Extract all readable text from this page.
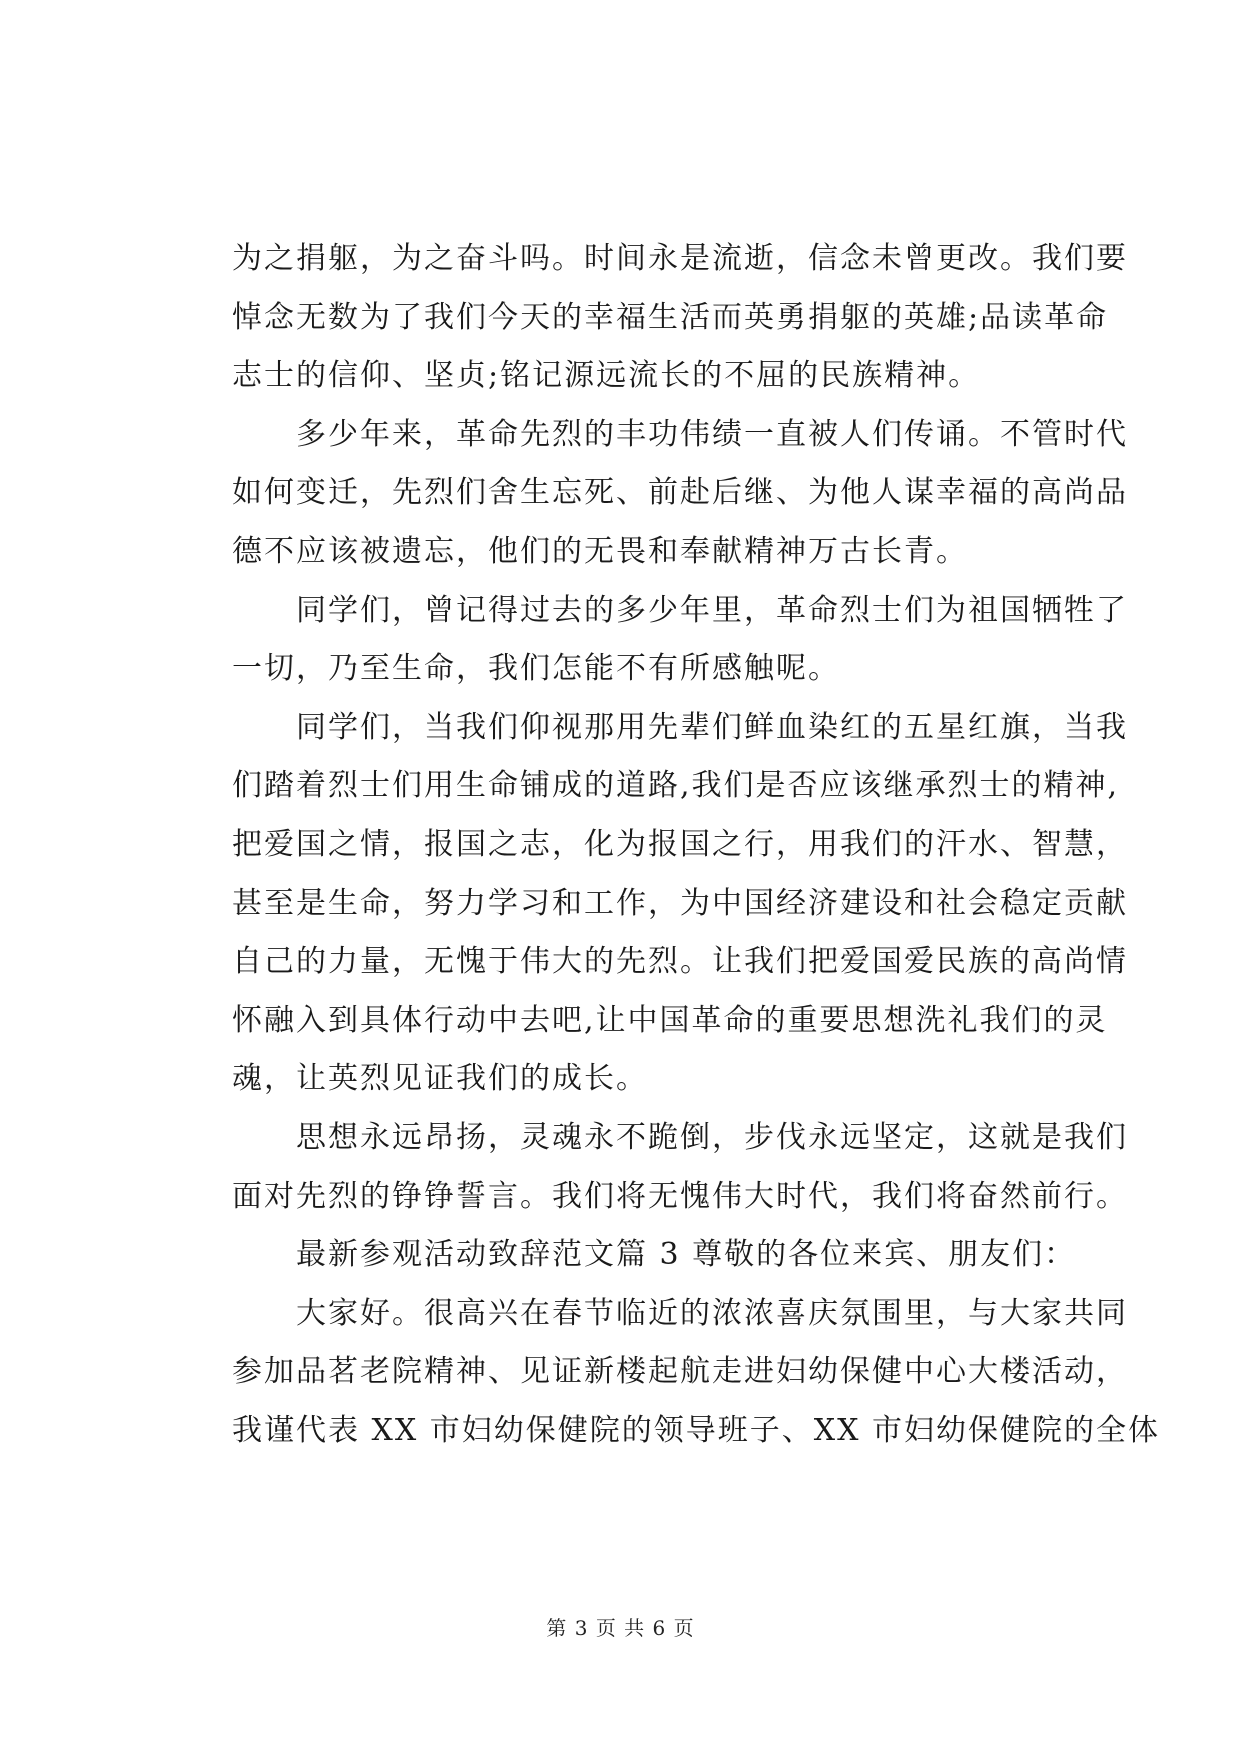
为之捐躯，为之奋斗吗。时间永是流逝，信念未曾更改。我们要
悼念无数为了我们今天的幸福生活而英勇捐躯的英雄;品读革命
志士的信仰、坚贞;铭记源远流长的不屈的民族精神。
　　多少年来，革命先烈的丰功伟绩一直被人们传诵。不管时代
如何变迁，先烈们舍生忘死、前赴后继、为他人谋幸福的高尚品
德不应该被遗忘，他们的无畏和奉献精神万古长青。
　　同学们，曾记得过去的多少年里，革命烈士们为祖国牺牲了
一切，乃至生命，我们怎能不有所感触呢。
　　同学们，当我们仰视那用先辈们鲜血染红的五星红旗，当我
们踏着烈士们用生命铺成的道路,我们是否应该继承烈士的精神,
把爱国之情，报国之志，化为报国之行，用我们的汗水、智慧，
甚至是生命，努力学习和工作，为中国经济建设和社会稳定贡献
自己的力量，无愧于伟大的先烈。让我们把爱国爱民族的高尚情
怀融入到具体行动中去吧,让中国革命的重要思想洗礼我们的灵
魂，让英烈见证我们的成长。
　　思想永远昂扬，灵魂永不跪倒，步伐永远坚定，这就是我们
面对先烈的铮铮誓言。我们将无愧伟大时代，我们将奋然前行。
　　最新参观活动致辞范文篇 3 尊敬的各位来宾、朋友们：
　　大家好。很高兴在春节临近的浓浓喜庆氛围里，与大家共同
参加品茗老院精神、见证新楼起航走进妇幼保健中心大楼活动，
我谨代表 XX 市妇幼保健院的领导班子、XX 市妇幼保健院的全体
第 3 页 共 6 页
